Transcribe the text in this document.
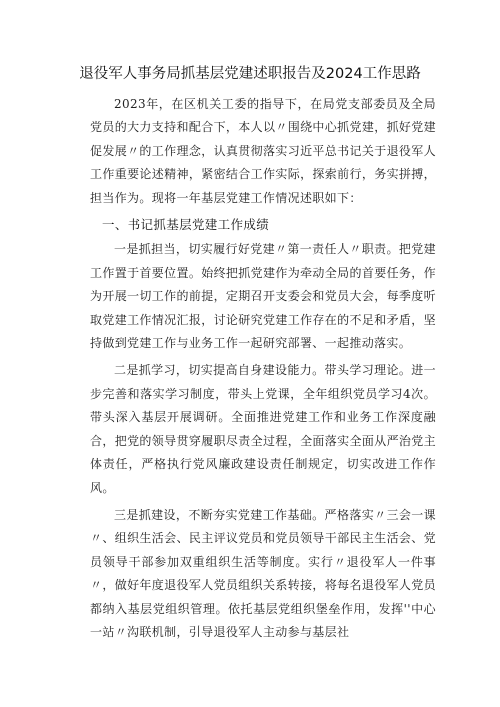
退役军人事务局抓基层党建述职报告及2024工作思路

2023年，在区机关工委的指导下，在局党支部委员及全局党员的大力支持和配合下，本人以〃围绕中心抓党建，抓好党建促发展〃的工作理念，认真贯彻落实习近平总书记关于退役军人工作重要论述精神，紧密结合工作实际，探索前行，务实拼搏，担当作为。现将一年基层党建工作情况述职如下：

一、书记抓基层党建工作成绩

一是抓担当，切实履行好党建〃第一责任人〃职责。把党建工作置于首要位置。始终把抓党建作为牵动全局的首要任务，作为开展一切工作的前提，定期召开支委会和党员大会，每季度听取党建工作情况汇报，讨论研究党建工作存在的不足和矛盾，坚持做到党建工作与业务工作一起研究部署、一起推动落实。

二是抓学习，切实提高自身建设能力。带头学习理论。进一步完善和落实学习制度，带头上党课，全年组织党员学习4次。带头深入基层开展调研。全面推进党建工作和业务工作深度融合，把党的领导贯穿履职尽责全过程，全面落实全面从严治党主体责任，严格执行党风廉政建设责任制规定，切实改进工作作风。

三是抓建设，不断夯实党建工作基础。严格落实〃三会一课〃、组织生活会、民主评议党员和党员领导干部民主生活会、党员领导干部参加双重组织生活等制度。实行〃退役军人一件事〃，做好年度退役军人党员组织关系转接，将每名退役军人党员都纳入基层党组织管理。依托基层党组织堡垒作用，发挥''中心一站〃沟联机制，引导退役军人主动参与基层社
